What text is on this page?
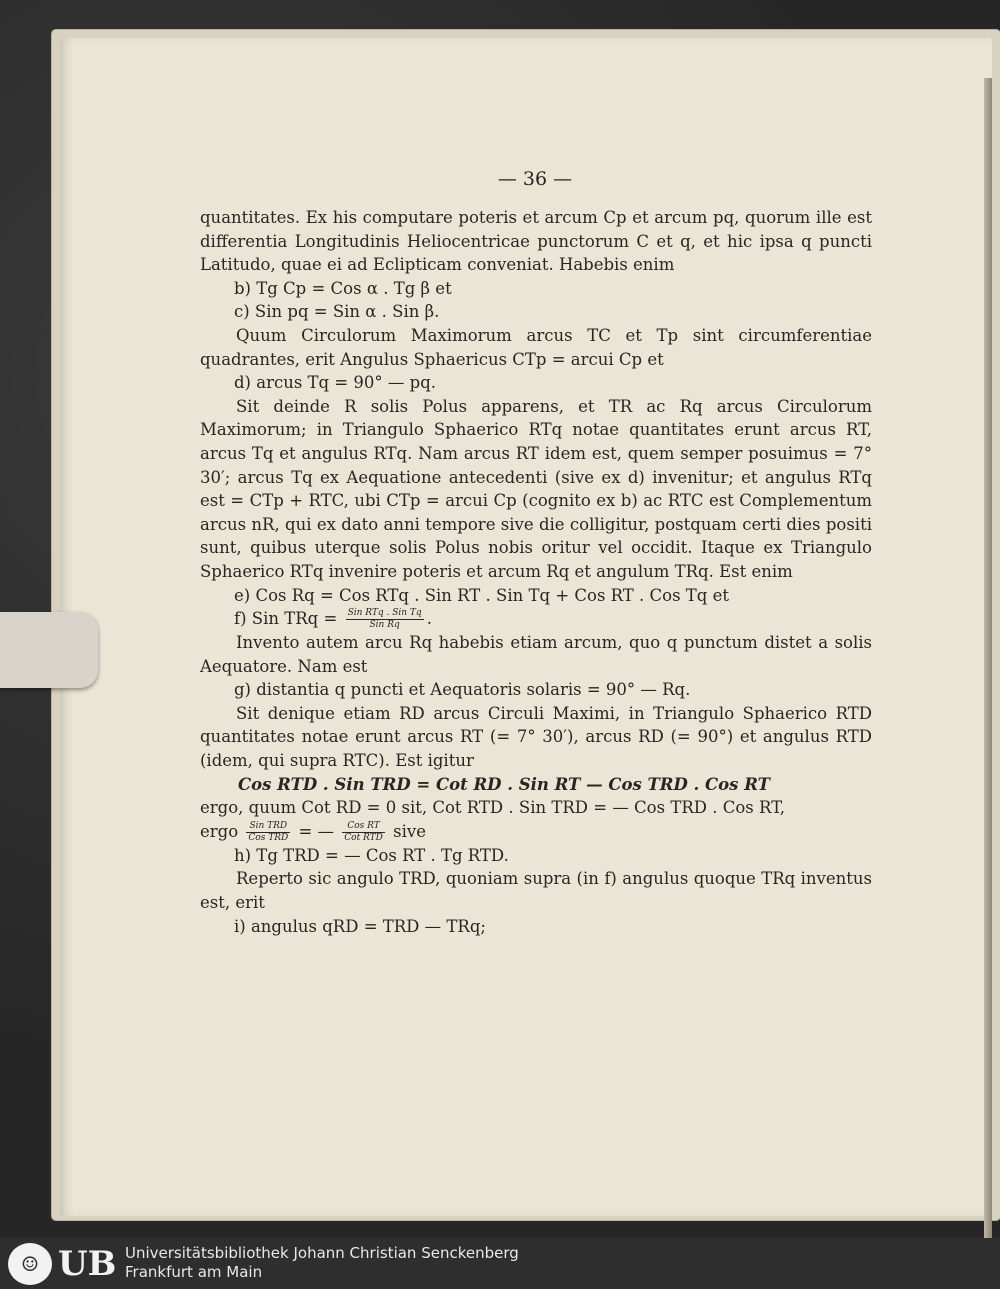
— 36 —

quantitates. Ex his computare poteris et arcum Cp et arcum pq, quorum ille est differentia Longitudinis Heliocentricae punctorum C et q, et hic ipsa q puncti Latitudo, quae ei ad Eclipticam conveniat. Habebis enim

b) Tg Cp = Cos α . Tg β et

c) Sin pq = Sin α . Sin β.

Quum Circulorum Maximorum arcus TC et Tp sint circumferentiae quadrantes, erit Angulus Sphaericus CTp = arcui Cp et

d) arcus Tq = 90° — pq.

Sit deinde R solis Polus apparens, et TR ac Rq arcus Circulorum Maximorum; in Triangulo Sphaerico RTq notae quantitates erunt arcus RT, arcus Tq et angulus RTq. Nam arcus RT idem est, quem semper posuimus = 7° 30′; arcus Tq ex Aequatione antecedenti (sive ex d) invenitur; et angulus RTq est = CTp + RTC, ubi CTp = arcui Cp (cognito ex b) ac RTC est Complementum arcus nR, qui ex dato anni tempore sive die colligitur, postquam certi dies positi sunt, quibus uterque solis Polus nobis oritur vel occidit. Itaque ex Triangulo Sphaerico RTq invenire poteris et arcum Rq et angulum TRq. Est enim

e) Cos Rq = Cos RTq . Sin RT . Sin Tq + Cos RT . Cos Tq et

f) Sin TRq = $\frac{\text{Sin RTq . Sin Tq}}{\text{Sin Rq}}$ .

Invento autem arcu Rq habebis etiam arcum, quo q punctum distet a solis Aequatore. Nam est

g) distantia q puncti et Aequatoris solaris = 90° — Rq.

Sit denique etiam RD arcus Circuli Maximi, in Triangulo Sphaerico RTD quantitates notae erunt arcus RT (= 7° 30′), arcus RD (= 90°) et angulus RTD (idem, qui supra RTC). Est igitur

Cos RTD . Sin TRD = Cot RD . Sin RT — Cos TRD . Cos RT

ergo, quum Cot RD = 0 sit, Cot RTD . Sin TRD = — Cos TRD . Cos RT,

ergo $\frac{\text{Sin TRD}}{\text{Cos TRD}}$ = — $\frac{\text{Cos RT}}{\text{Cot RTD}}$ sive

h) Tg TRD = — Cos RT . Tg RTD.

Reperto sic angulo TRD, quoniam supra (in f) angulus quoque TRq inventus est, erit

i) angulus qRD = TRD — TRq;

☺ UB Universitätsbibliothek Johann Christian Senckenberg
Frankfurt am Main
